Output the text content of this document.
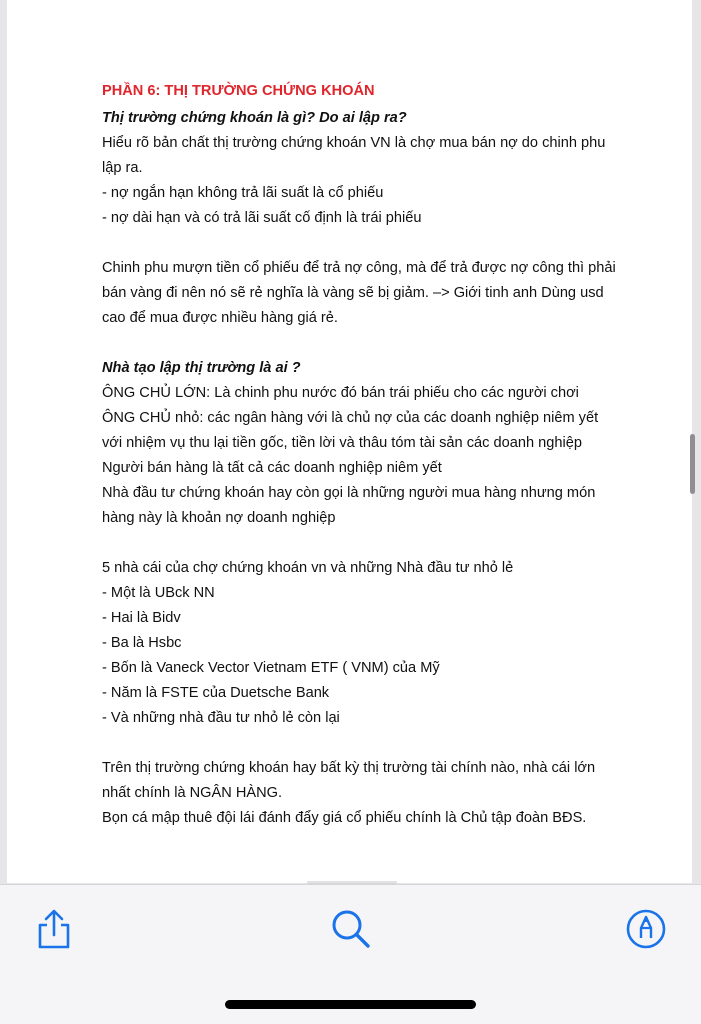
PHẦN 6: THỊ TRƯỜNG CHỨNG KHOÁN

Thị trường chứng khoán là gì? Do ai lập ra?

Hiểu rõ bản chất thị trường chứng khoán VN là chợ mua bán nợ do chinh phu

lập ra.

- nợ ngắn hạn không trả lãi suất là cổ phiếu

- nợ dài hạn và có trả lãi suất cố định là trái phiếu

Chinh phu mượn tiền cổ phiếu để trả nợ công, mà để trả được nợ công thì phải

bán vàng đi nên nó sẽ rẻ nghĩa là vàng sẽ bị giảm. –> Giới tinh anh Dùng usd

cao để mua được nhiều hàng giá rẻ.

Nhà tạo lập thị trường là ai ?

ÔNG CHỦ LỚN: Là chinh phu nước đó bán trái phiếu cho các người chơi

ÔNG CHỦ nhỏ: các ngân hàng với là chủ nợ của các doanh nghiệp niêm yết

với nhiệm vụ thu lại tiền gốc, tiền lời và thâu tóm tài sản các doanh nghiệp

Người bán hàng là tất cả các doanh nghiệp niêm yết

Nhà đầu tư chứng khoán hay còn gọi là những người mua hàng nhưng món

hàng này là khoản nợ doanh nghiệp

5 nhà cái của chợ chứng khoán vn và những Nhà đầu tư nhỏ lẻ

- Một là UBck NN

- Hai là Bidv

- Ba là Hsbc

- Bốn là Vaneck Vector Vietnam ETF ( VNM) của Mỹ

- Năm là FSTE của Duetsche Bank

- Và những nhà đầu tư nhỏ lẻ còn lại

Trên thị trường chứng khoán hay bất kỳ thị trường tài chính nào, nhà cái lớn

nhất chính là NGÂN HÀNG.

Bọn cá mập thuê đội lái đánh đẩy giá cổ phiếu chính là Chủ tập đoàn BĐS.
